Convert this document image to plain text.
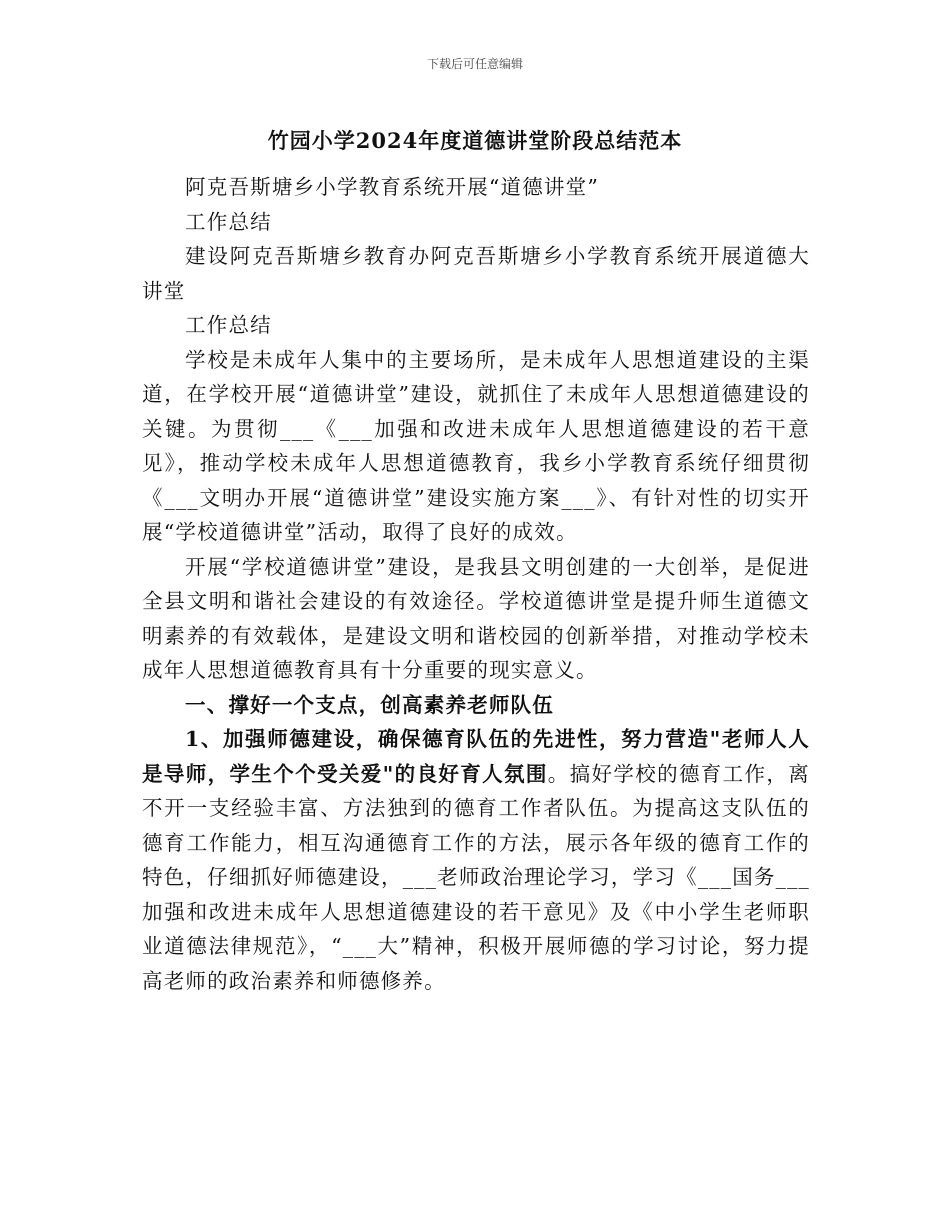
下载后可任意编辑
竹园小学2024年度道德讲堂阶段总结范本

阿克吾斯塘乡小学教育系统开展“道德讲堂”

工作总结

建设阿克吾斯塘乡教育办阿克吾斯塘乡小学教育系统开展道德大讲堂

工作总结

学校是未成年人集中的主要场所，是未成年人思想道建设的主渠道，在学校开展“道德讲堂”建设，就抓住了未成年人思想道德建设的关键。为贯彻___《___加强和改进未成年人思想道德建设的若干意见》，推动学校未成年人思想道德教育，我乡小学教育系统仔细贯彻《___文明办开展“道德讲堂”建设实施方案___》、有针对性的切实开展“学校道德讲堂”活动，取得了良好的成效。

开展“学校道德讲堂”建设，是我县文明创建的一大创举，是促进全县文明和谐社会建设的有效途径。学校道德讲堂是提升师生道德文明素养的有效载体，是建设文明和谐校园的创新举措，对推动学校未成年人思想道德教育具有十分重要的现实意义。

一、撑好一个支点，创高素养老师队伍

1、加强师德建设，确保德育队伍的先进性，努力营造"老师人人是导师，学生个个受关爱"的良好育人氛围。搞好学校的德育工作，离不开一支经验丰富、方法独到的德育工作者队伍。为提高这支队伍的德育工作能力，相互沟通德育工作的方法，展示各年级的德育工作的特色，仔细抓好师德建设，___老师政治理论学习，学习《___国务___加强和改进未成年人思想道德建设的若干意见》及《中小学生老师职业道德法律规范》，“___大”精神，积极开展师德的学习讨论，努力提高老师的政治素养和师德修养。
